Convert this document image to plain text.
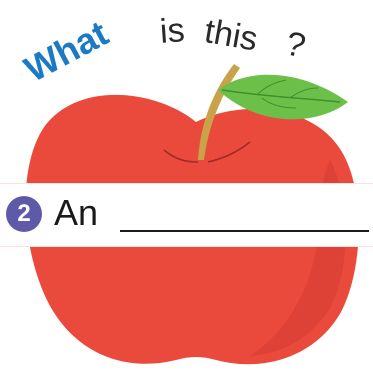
What is this ?
2 An
